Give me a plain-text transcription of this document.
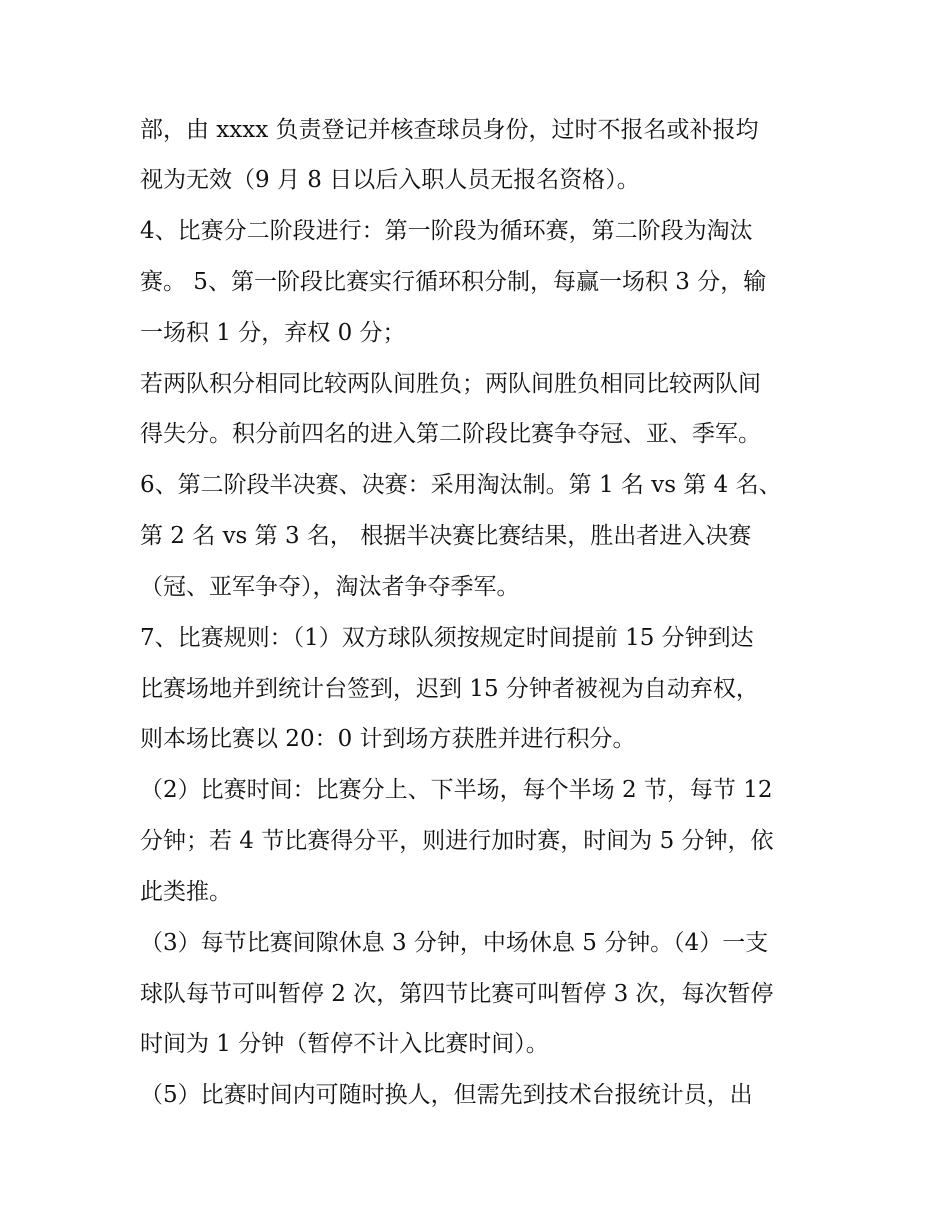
部，由 xxxx 负责登记并核查球员身份，过时不报名或补报均
视为无效（9 月 8 日以后入职人员无报名资格）。
4、比赛分二阶段进行：第一阶段为循环赛，第二阶段为淘汰
赛。 5、第一阶段比赛实行循环积分制，每赢一场积 3 分，输
一场积 1 分，弃权 0 分；
若两队积分相同比较两队间胜负；两队间胜负相同比较两队间
得失分。积分前四名的进入第二阶段比赛争夺冠、亚、季军。
6、第二阶段半决赛、决赛：采用淘汰制。第 1 名 vs 第 4 名、
第 2 名 vs 第 3 名， 根据半决赛比赛结果，胜出者进入决赛
（冠、亚军争夺），淘汰者争夺季军。
7、比赛规则：（1）双方球队须按规定时间提前 15 分钟到达
比赛场地并到统计台签到，迟到 15 分钟者被视为自动弃权，
则本场比赛以 20：0 计到场方获胜并进行积分。
（2）比赛时间：比赛分上、下半场，每个半场 2 节，每节 12
分钟；若 4 节比赛得分平，则进行加时赛，时间为 5 分钟，依
此类推。
（3）每节比赛间隙休息 3 分钟，中场休息 5 分钟。（4）一支
球队每节可叫暂停 2 次，第四节比赛可叫暂停 3 次，每次暂停
时间为 1 分钟（暂停不计入比赛时间）。
（5）比赛时间内可随时换人，但需先到技术台报统计员，出
